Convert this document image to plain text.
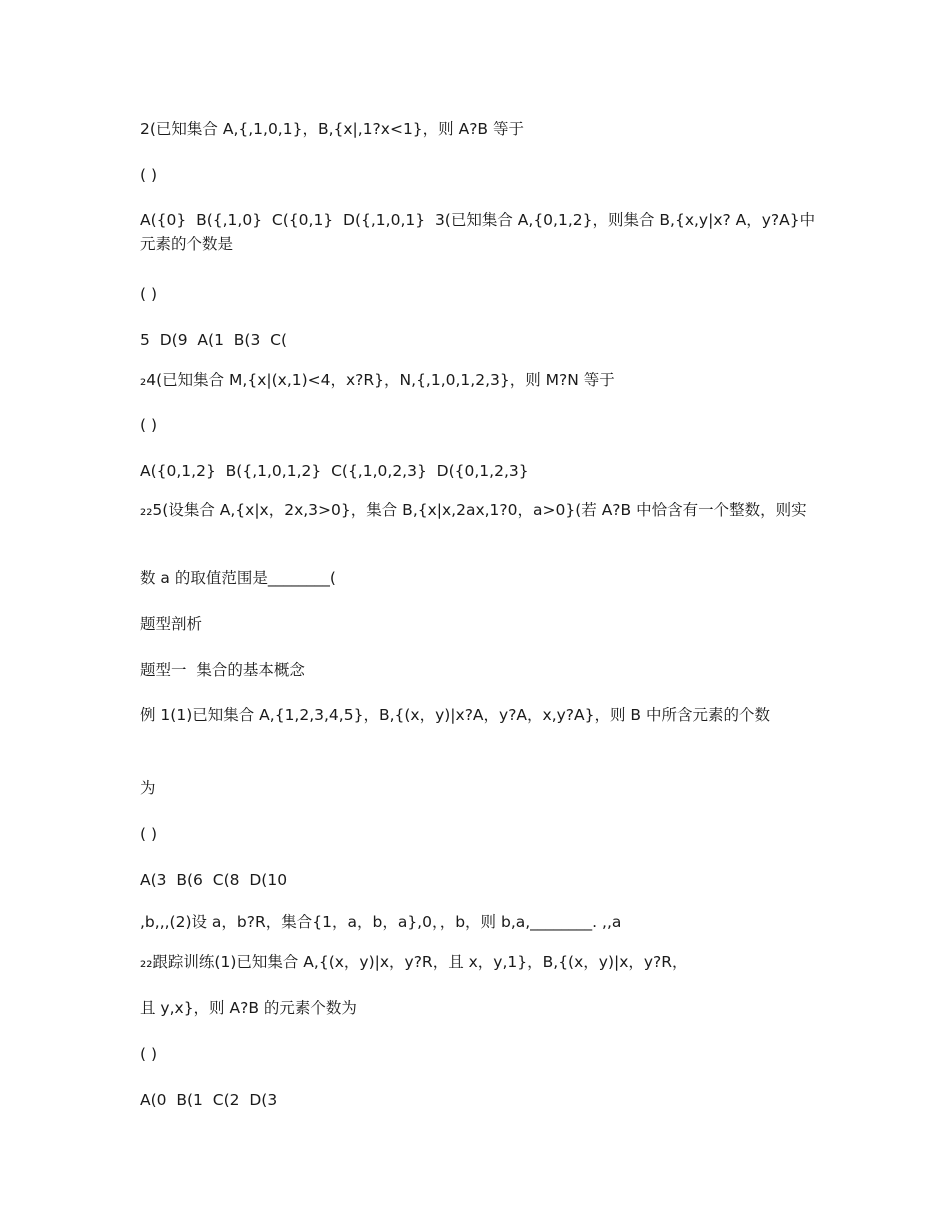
2(已知集合 A,{,1,0,1}，B,{x|,1?x<1}，则 A?B 等于
( )
A({0}  B({,1,0}  C({0,1}  D({,1,0,1}  3(已知集合 A,{0,1,2}，则集合 B,{x,y|x? A，y?A}中元素的个数是
( )
5  D(9  A(1  B(3  C(
₂4(已知集合 M,{x|(x,1)<4，x?R}，N,{,1,0,1,2,3}，则 M?N 等于
( )
A({0,1,2}  B({,1,0,1,2}  C({,1,0,2,3}  D({0,1,2,3}
₂₂5(设集合 A,{x|x，2x,3>0}，集合 B,{x|x,2ax,1?0，a>0}(若 A?B 中恰含有一个整数，则实
数 a 的取值范围是________(
题型剖析
题型一  集合的基本概念
例 1(1)已知集合 A,{1,2,3,4,5}，B,{(x，y)|x?A，y?A，x,y?A}，则 B 中所含元素的个数
为
( )
A(3  B(6  C(8  D(10
,b,,,(2)设 a，b?R，集合{1，a，b，a},0，，b，则 b,a,________. ,,a
₂₂跟踪训练(1)已知集合 A,{(x，y)|x，y?R，且 x，y,1}，B,{(x，y)|x，y?R，
且 y,x}，则 A?B 的元素个数为
( )
A(0  B(1  C(2  D(3
